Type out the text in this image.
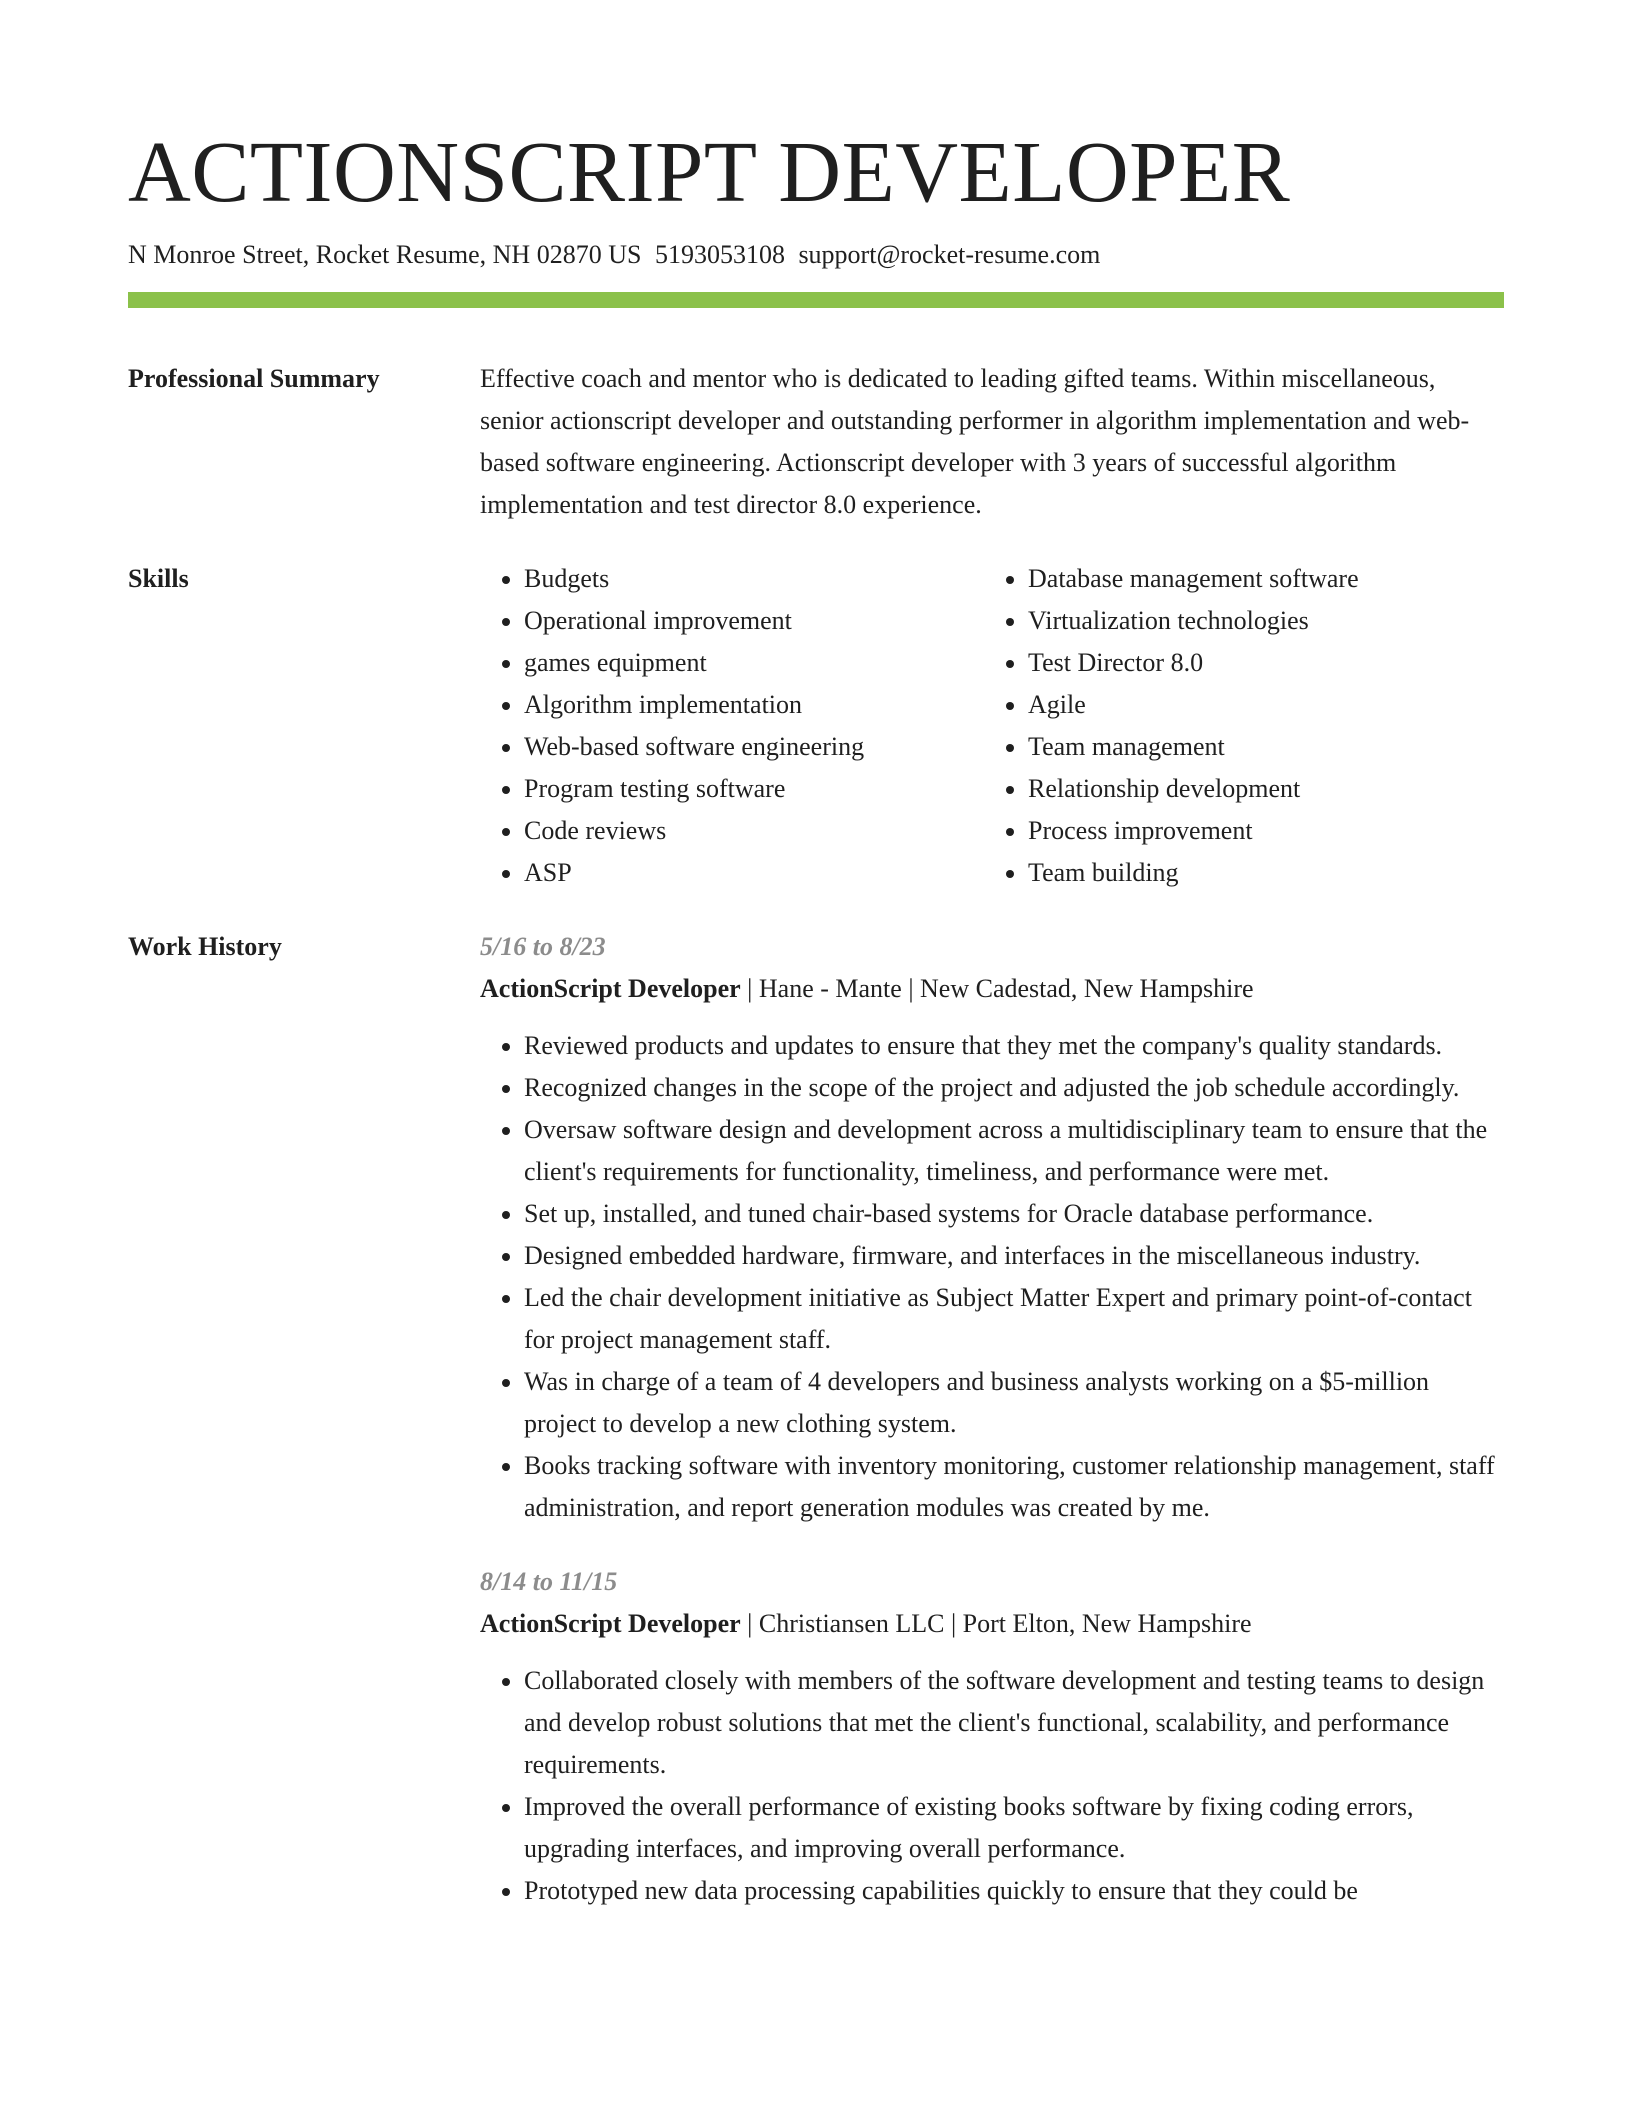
ACTIONSCRIPT DEVELOPER
N Monroe Street, Rocket Resume, NH 02870 US 5193053108 support@rocket-resume.com
Professional Summary	Effective coach and mentor who is dedicated to leading gifted teams. Within miscellaneous, senior actionscript developer and outstanding performer in algorithm implementation and web-based software engineering. Actionscript developer with 3 years of successful algorithm implementation and test director 8.0 experience.
Skills
•	Budgets
• Operational improvement
• games equipment
• Algorithm implementation
• Web-based software engineering
• Program testing software
• Code reviews
• ASP
• Database management software
• Virtualization technologies
• Test Director 8.0
• Agile
• Team management
• Relationship development
• Process improvement
• Team building
Work History	5/16 to 8/23
ActionScript Developer | Hane - Mante | New Cadestad, New Hampshire
• Reviewed products and updates to ensure that they met the company's quality standards.
• Recognized changes in the scope of the project and adjusted the job schedule accordingly.
• Oversaw software design and development across a multidisciplinary team to ensure that the client's requirements for functionality, timeliness, and performance were met.
• Set up, installed, and tuned chair-based systems for Oracle database performance.
• Designed embedded hardware, firmware, and interfaces in the miscellaneous industry.
• Led the chair development initiative as Subject Matter Expert and primary point-of-contact for project management staff.
• Was in charge of a team of 4 developers and business analysts working on a $5-million project to develop a new clothing system.
• Books tracking software with inventory monitoring, customer relationship management, staff administration, and report generation modules was created by me.
8/14 to 11/15
ActionScript Developer | Christiansen LLC | Port Elton, New Hampshire
• Collaborated closely with members of the software development and testing teams to design and develop robust solutions that met the client's functional, scalability, and performance requirements.
• Improved the overall performance of existing books software by fixing coding errors, upgrading interfaces, and improving overall performance.
• Prototyped new data processing capabilities quickly to ensure that they could be
